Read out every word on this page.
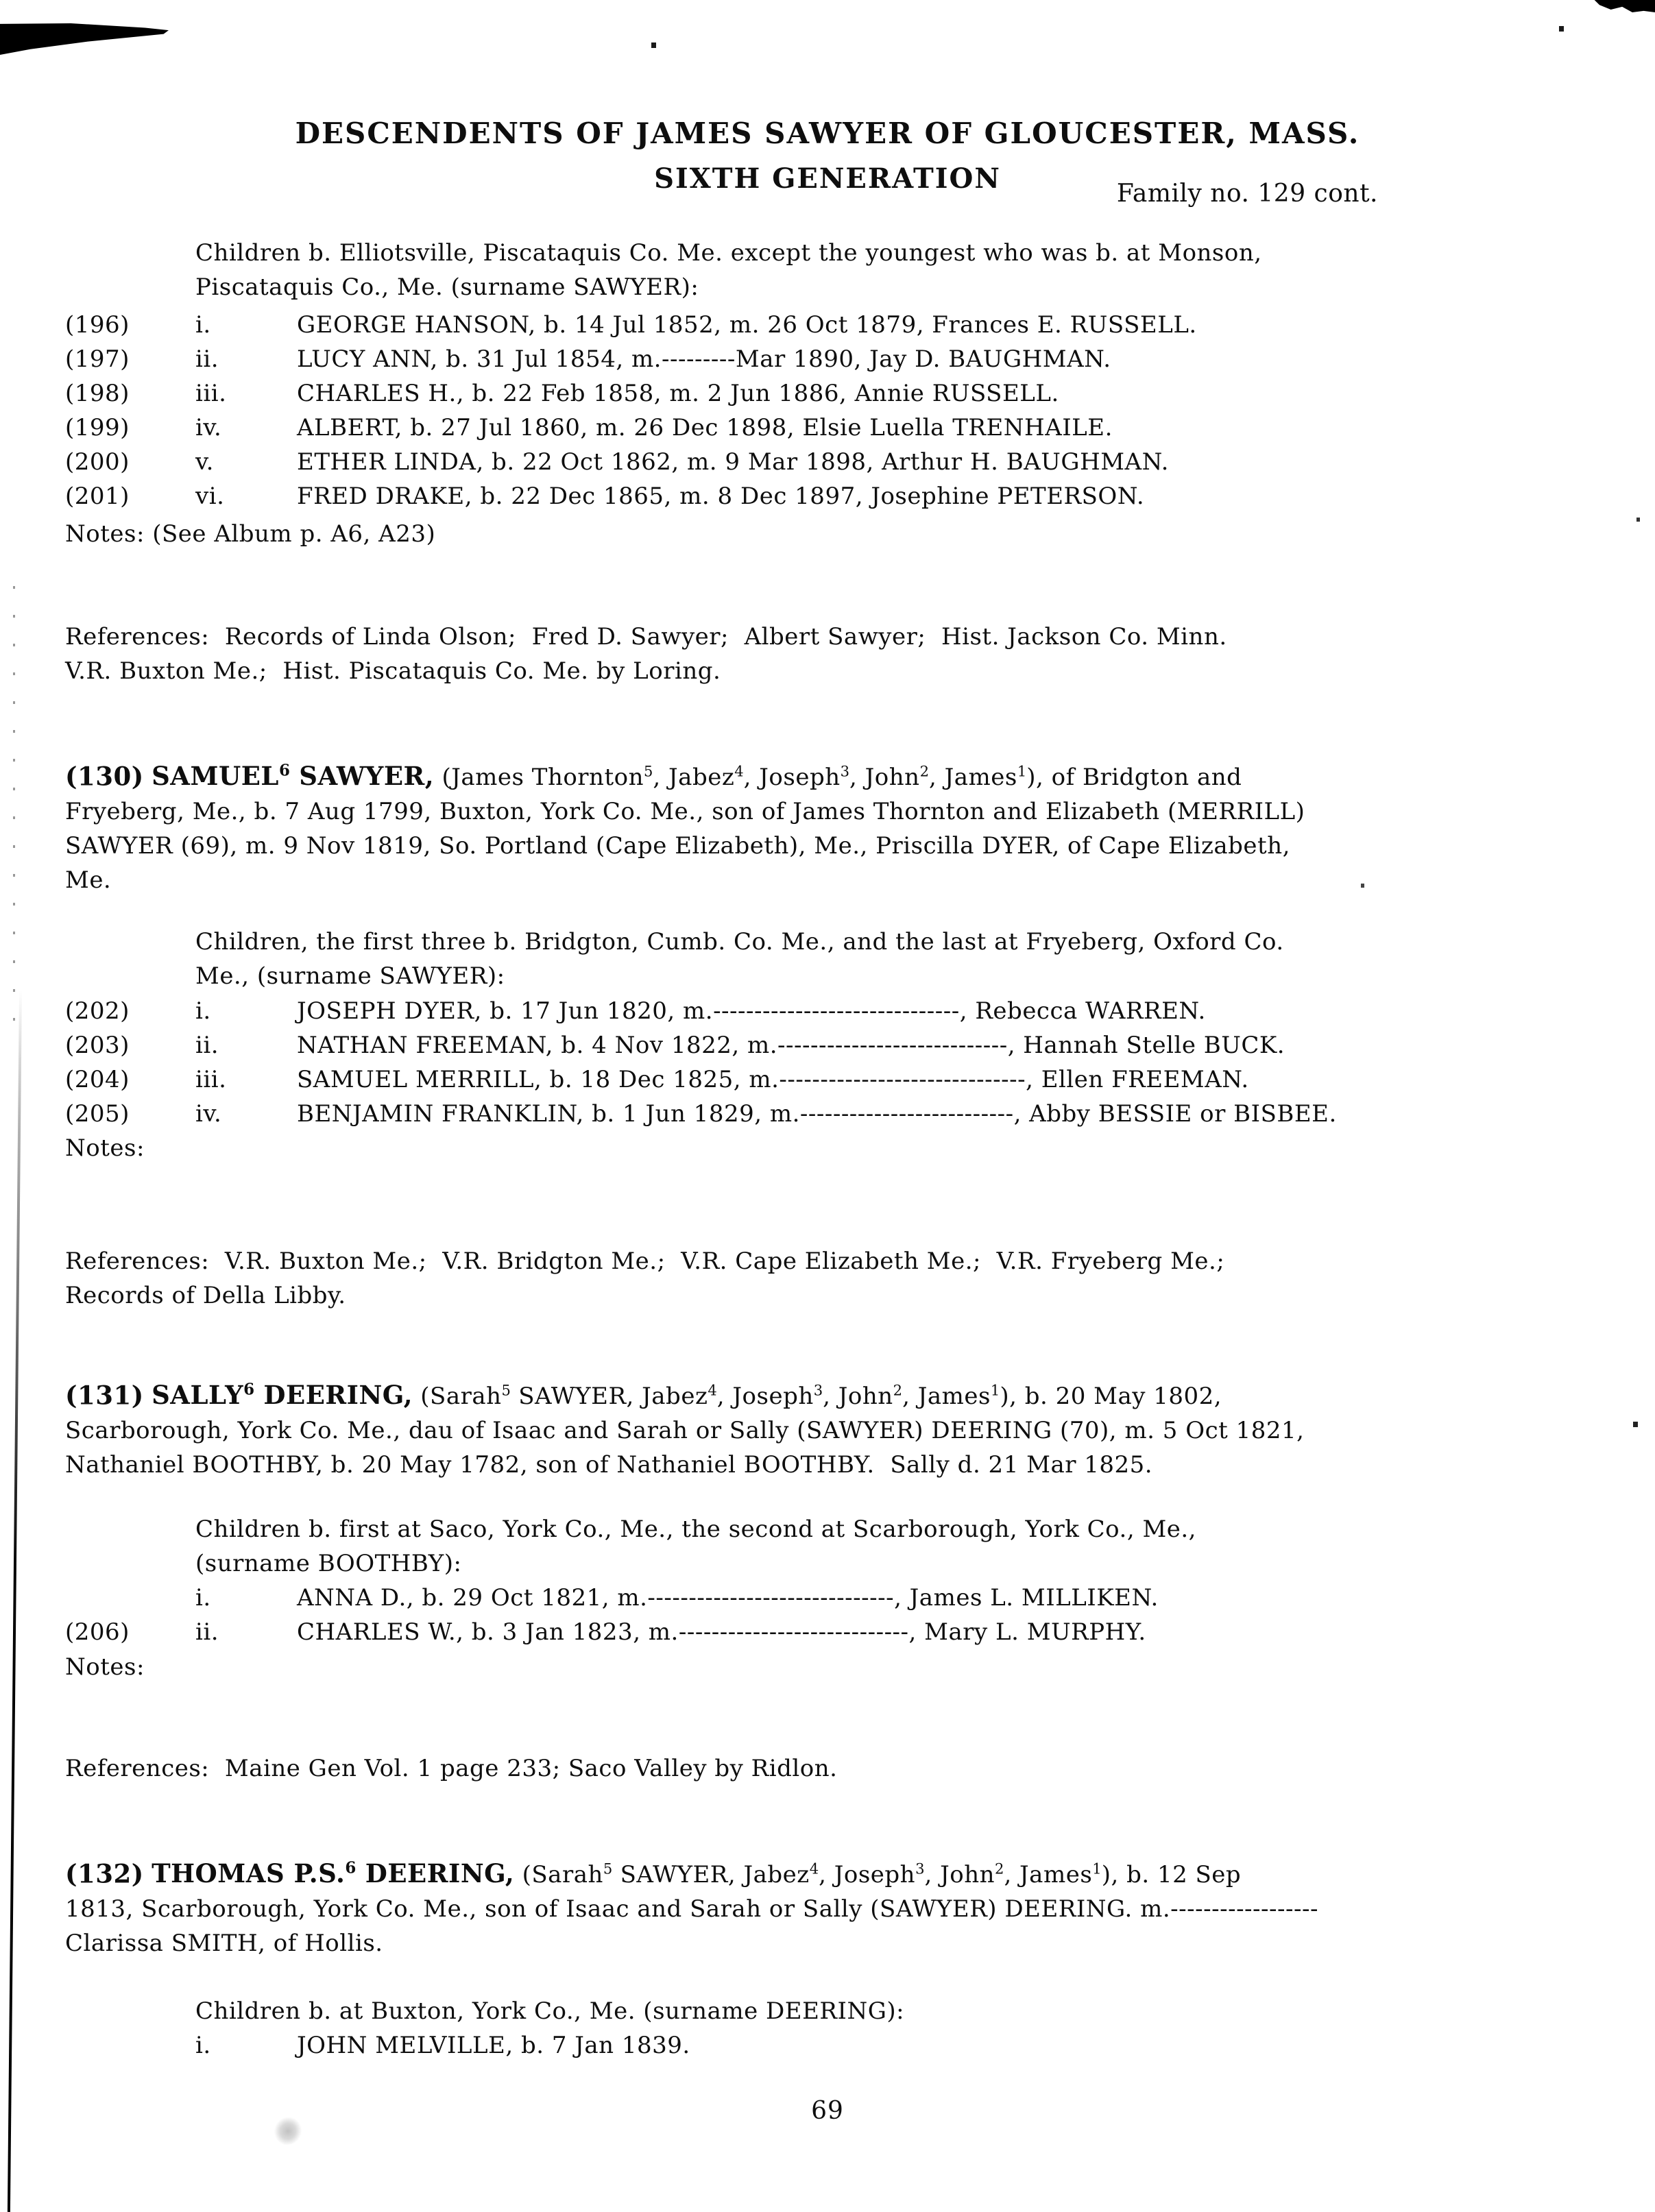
DESCENDENTS OF JAMES SAWYER OF GLOUCESTER, MASS.

SIXTH GENERATION	Family no. 129 cont.

Children b. Elliotsville, Piscataquis Co. Me. except the youngest who was b. at Monson,
Piscataquis Co., Me. (surname SAWYER):

(196)	i.	GEORGE HANSON, b. 14 Jul 1852, m. 26 Oct 1879, Frances E. RUSSELL.
(197)	ii.	LUCY ANN, b. 31 Jul 1854, m.---------Mar 1890, Jay D. BAUGHMAN.
(198)	iii.	CHARLES H., b. 22 Feb 1858, m. 2 Jun 1886, Annie RUSSELL.
(199)	iv.	ALBERT, b. 27 Jul 1860, m. 26 Dec 1898, Elsie Luella TRENHAILE.
(200)	v.	ETHER LINDA, b. 22 Oct 1862, m. 9 Mar 1898, Arthur H. BAUGHMAN.
(201)	vi.	FRED DRAKE, b. 22 Dec 1865, m. 8 Dec 1897, Josephine PETERSON.

Notes: (See Album p. A6, A23)

References:  Records of Linda Olson;  Fred D. Sawyer;  Albert Sawyer;  Hist. Jackson Co. Minn.
V.R. Buxton Me.;  Hist. Piscataquis Co. Me. by Loring.

(130) SAMUEL$^6$ SAWYER, (James Thornton$^5$, Jabez$^4$, Joseph$^3$, John$^2$, James$^1$), of Bridgton and
Fryeberg, Me., b. 7 Aug 1799, Buxton, York Co. Me., son of James Thornton and Elizabeth (MERRILL)
SAWYER (69), m. 9 Nov 1819, So. Portland (Cape Elizabeth), Me., Priscilla DYER, of Cape Elizabeth,
Me.

Children, the first three b. Bridgton, Cumb. Co. Me., and the last at Fryeberg, Oxford Co.
Me., (surname SAWYER):

(202)	i.	JOSEPH DYER, b. 17 Jun 1820, m.------------------------------, Rebecca WARREN.
(203)	ii.	NATHAN FREEMAN, b. 4 Nov 1822, m.----------------------------, Hannah Stelle BUCK.
(204)	iii.	SAMUEL MERRILL, b. 18 Dec 1825, m.------------------------------, Ellen FREEMAN.
(205)	iv.	BENJAMIN FRANKLIN, b. 1 Jun 1829, m.--------------------------, Abby BESSIE or BISBEE.

Notes:

References:  V.R. Buxton Me.;  V.R. Bridgton Me.;  V.R. Cape Elizabeth Me.;  V.R. Fryeberg Me.;
Records of Della Libby.

(131) SALLY$^6$ DEERING, (Sarah$^5$ SAWYER, Jabez$^4$, Joseph$^3$, John$^2$, James$^1$), b. 20 May 1802,
Scarborough, York Co. Me., dau of Isaac and Sarah or Sally (SAWYER) DEERING (70), m. 5 Oct 1821,
Nathaniel BOOTHBY, b. 20 May 1782, son of Nathaniel BOOTHBY.  Sally d. 21 Mar 1825.

Children b. first at Saco, York Co., Me., the second at Scarborough, York Co., Me.,
(surname BOOTHBY):

i.	ANNA D., b. 29 Oct 1821, m.------------------------------, James L. MILLIKEN.
(206)	ii.	CHARLES W., b. 3 Jan 1823, m.----------------------------, Mary L. MURPHY.

Notes:

References:  Maine Gen Vol. 1 page 233; Saco Valley by Ridlon.

(132) THOMAS P.S.$^6$ DEERING, (Sarah$^5$ SAWYER, Jabez$^4$, Joseph$^3$, John$^2$, James$^1$), b. 12 Sep
1813, Scarborough, York Co. Me., son of Isaac and Sarah or Sally (SAWYER) DEERING. m.------------------
Clarissa SMITH, of Hollis.

Children b. at Buxton, York Co., Me. (surname DEERING):

i.	JOHN MELVILLE, b. 7 Jan 1839.

69
